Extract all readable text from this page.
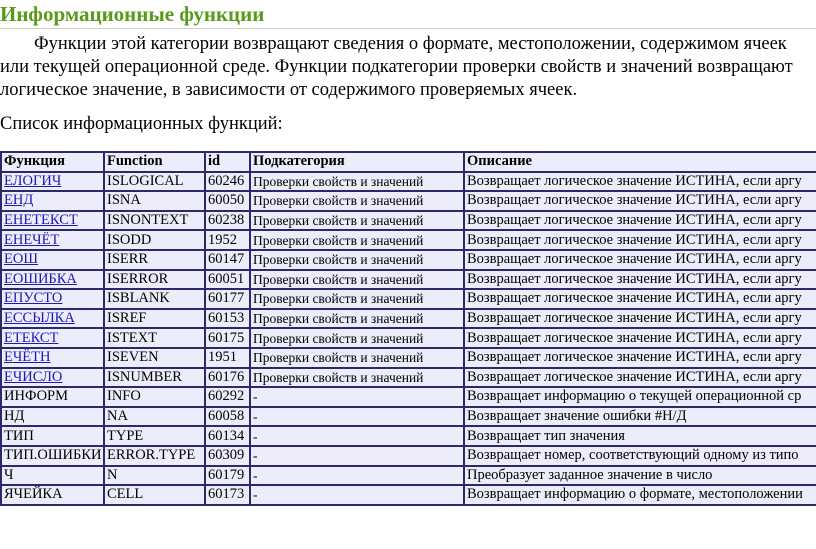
Информационные функции
Функции этой категории возвращают сведения о формате, местоположении, содержимом ячеек или текущей операционной среде. Функции подкатегории проверки свойств и значений возвращают логическое значение, в зависимости от содержимого проверяемых ячеек.
Список информационных функций:
Функция	Function	id	Подкатегория	Описание
ЕЛОГИЧ	ISLOGICAL	60246	Проверки свойств и значений	Возвращает логическое значение ИСТИНА, если аргу
ЕНД	ISNA	60050	Проверки свойств и значений	Возвращает логическое значение ИСТИНА, если аргу
ЕНЕТЕКСТ	ISNONTEXT	60238	Проверки свойств и значений	Возвращает логическое значение ИСТИНА, если аргу
ЕНЕЧЁТ	ISODD	1952	Проверки свойств и значений	Возвращает логическое значение ИСТИНА, если аргу
ЕОШ	ISERR	60147	Проверки свойств и значений	Возвращает логическое значение ИСТИНА, если аргу
ЕОШИБКА	ISERROR	60051	Проверки свойств и значений	Возвращает логическое значение ИСТИНА, если аргу
ЕПУСТО	ISBLANK	60177	Проверки свойств и значений	Возвращает логическое значение ИСТИНА, если аргу
ЕССЫЛКА	ISREF	60153	Проверки свойств и значений	Возвращает логическое значение ИСТИНА, если аргу
ЕТЕКСТ	ISTEXT	60175	Проверки свойств и значений	Возвращает логическое значение ИСТИНА, если аргу
ЕЧЁТН	ISEVEN	1951	Проверки свойств и значений	Возвращает логическое значение ИСТИНА, если аргу
ЕЧИСЛО	ISNUMBER	60176	Проверки свойств и значений	Возвращает логическое значение ИСТИНА, если аргу
ИНФОРМ	INFO	60292	-	Возвращает информацию о текущей операционной ср
НД	NA	60058	-	Возвращает значение ошибки #Н/Д
ТИП	TYPE	60134	-	Возвращает тип значения
ТИП.ОШИБКИ	ERROR.TYPE	60309	-	Возвращает номер, соответствующий одному из типо
Ч	N	60179	-	Преобразует заданное значение в число
ЯЧЕЙКА	CELL	60173	-	Возвращает информацию о формате, местоположении
